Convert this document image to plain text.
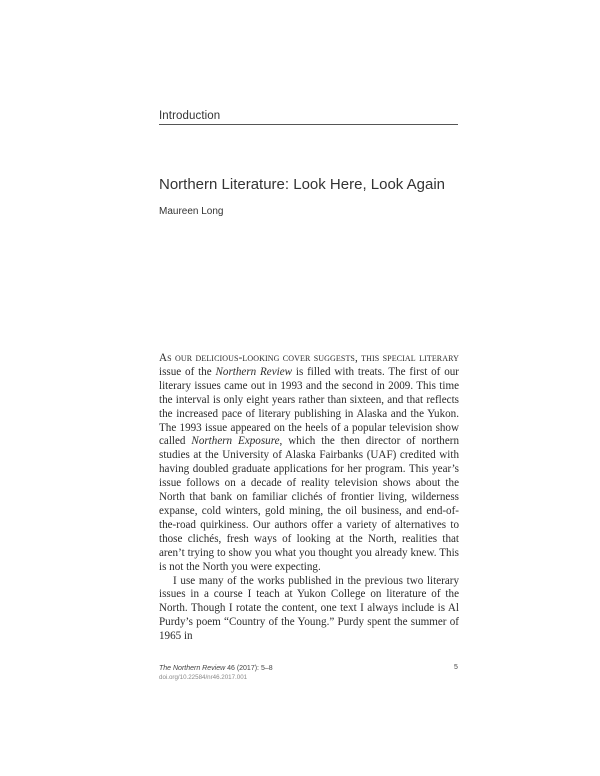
Introduction
Northern Literature: Look Here, Look Again
Maureen Long

As our delicious-looking cover suggests, this special literary issue of the Northern Review is filled with treats. The first of our literary issues came out in 1993 and the second in 2009. This time the interval is only eight years rather than sixteen, and that reflects the increased pace of literary publishing in Alaska and the Yukon. The 1993 issue appeared on the heels of a popular television show called Northern Exposure, which the then director of northern studies at the University of Alaska Fairbanks (UAF) credited with having doubled graduate applications for her program. This year’s issue follows on a decade of reality television shows about the North that bank on familiar clichés of frontier living, wilderness expanse, cold winters, gold mining, the oil business, and end-of-the-road quirkiness. Our authors offer a variety of alternatives to those clichés, fresh ways of looking at the North, realities that aren’t trying to show you what you thought you already knew. This is not the North you were expecting.

I use many of the works published in the previous two literary issues in a course I teach at Yukon College on literature of the North. Though I rotate the content, one text I always include is Al Purdy’s poem “Country of the Young.” Purdy spent the summer of 1965 in

The Northern Review 46 (2017): 5–8
doi.org/10.22584/nr46.2017.001
5
